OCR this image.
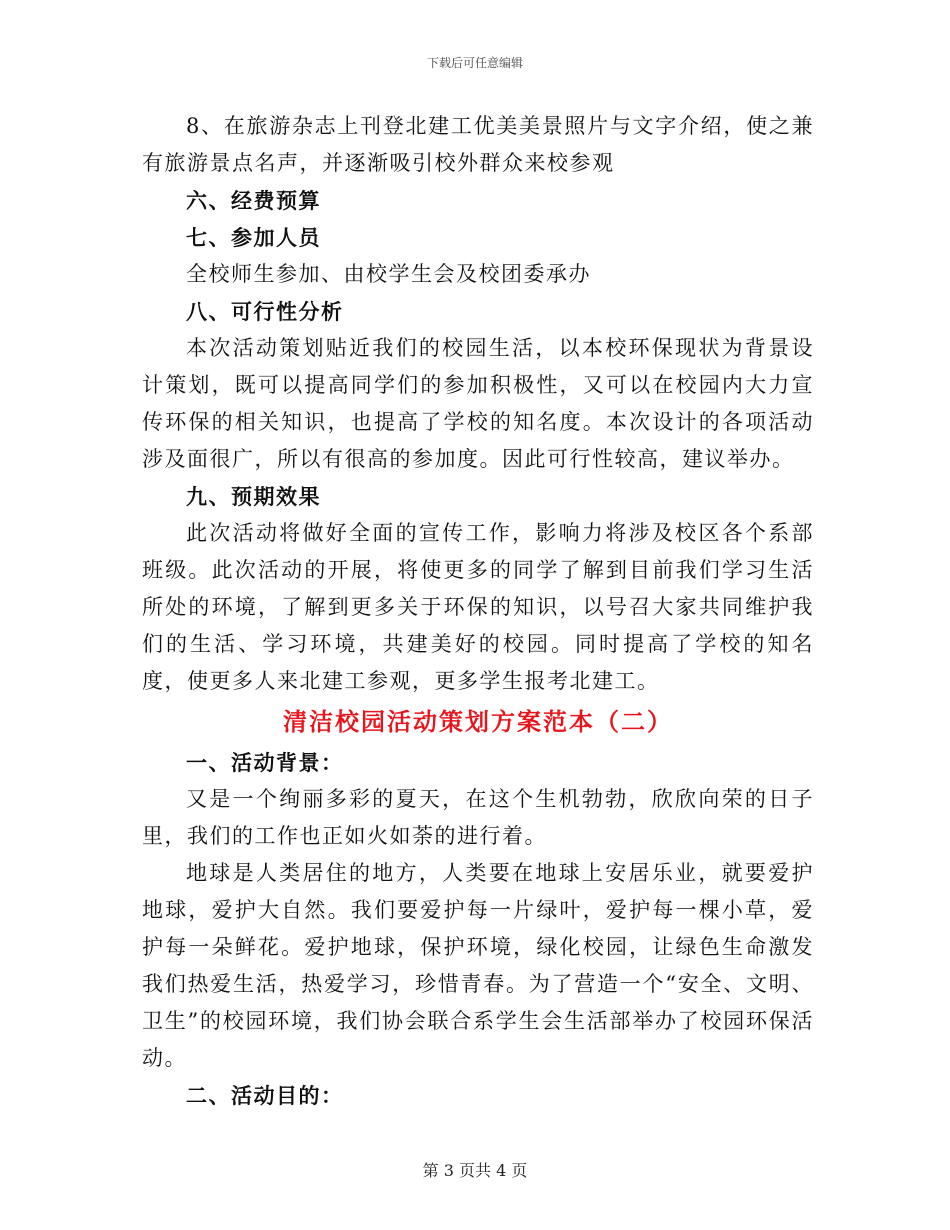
下载后可任意编辑

8、在旅游杂志上刊登北建工优美美景照片与文字介绍，使之兼有旅游景点名声，并逐渐吸引校外群众来校参观

六、经费预算

七、参加人员

全校师生参加、由校学生会及校团委承办

八、可行性分析

本次活动策划贴近我们的校园生活，以本校环保现状为背景设计策划，既可以提高同学们的参加积极性，又可以在校园内大力宣传环保的相关知识，也提高了学校的知名度。本次设计的各项活动涉及面很广，所以有很高的参加度。因此可行性较高，建议举办。

九、预期效果

此次活动将做好全面的宣传工作，影响力将涉及校区各个系部班级。此次活动的开展，将使更多的同学了解到目前我们学习生活所处的环境，了解到更多关于环保的知识，以号召大家共同维护我们的生活、学习环境，共建美好的校园。同时提高了学校的知名度，使更多人来北建工参观，更多学生报考北建工。

清洁校园活动策划方案范本（二）

一、活动背景：

又是一个绚丽多彩的夏天，在这个生机勃勃，欣欣向荣的日子里，我们的工作也正如火如荼的进行着。

地球是人类居住的地方，人类要在地球上安居乐业，就要爱护地球，爱护大自然。我们要爱护每一片绿叶，爱护每一棵小草，爱护每一朵鲜花。爱护地球，保护环境，绿化校园，让绿色生命激发我们热爱生活，热爱学习，珍惜青春。为了营造一个“安全、文明、卫生”的校园环境，我们协会联合系学生会生活部举办了校园环保活动。

二、活动目的：

第 3 页共 4 页
